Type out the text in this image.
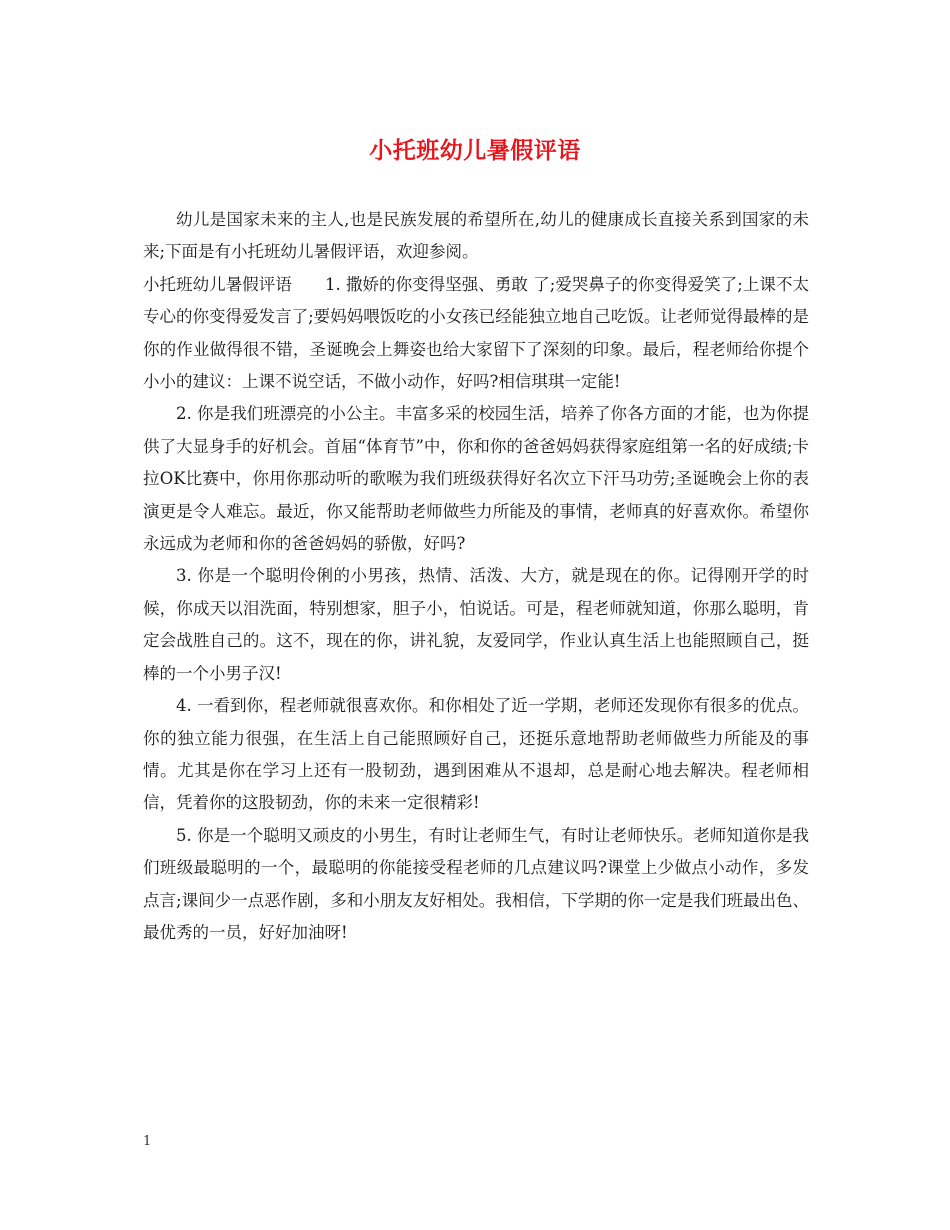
小托班幼儿暑假评语

幼儿是国家未来的主人,也是民族发展的希望所在,幼儿的健康成长直接关系到国家的未来;下面是有小托班幼儿暑假评语，欢迎参阅。

小托班幼儿暑假评语　　1. 撒娇的你变得坚强、勇敢 了;爱哭鼻子的你变得爱笑了;上课不太专心的你变得爱发言了;要妈妈喂饭吃的小女孩已经能独立地自己吃饭。让老师觉得最棒的是你的作业做得很不错，圣诞晚会上舞姿也给大家留下了深刻的印象。最后，程老师给你提个小小的建议：上课不说空话，不做小动作，好吗?相信琪琪一定能!

2. 你是我们班漂亮的小公主。丰富多采的校园生活，培养了你各方面的才能，也为你提供了大显身手的好机会。首届“体育节”中，你和你的爸爸妈妈获得家庭组第一名的好成绩;卡拉OK比赛中，你用你那动听的歌喉为我们班级获得好名次立下汗马功劳;圣诞晚会上你的表演更是令人难忘。最近，你又能帮助老师做些力所能及的事情，老师真的好喜欢你。希望你永远成为老师和你的爸爸妈妈的骄傲，好吗?

3. 你是一个聪明伶俐的小男孩，热情、活泼、大方，就是现在的你。记得刚开学的时候，你成天以泪洗面，特别想家，胆子小，怕说话。可是，程老师就知道，你那么聪明，肯定会战胜自己的。这不，现在的你，讲礼貌，友爱同学，作业认真生活上也能照顾自己，挺棒的一个小男子汉!

4. 一看到你，程老师就很喜欢你。和你相处了近一学期，老师还发现你有很多的优点。你的独立能力很强，在生活上自己能照顾好自己，还挺乐意地帮助老师做些力所能及的事情。尤其是你在学习上还有一股韧劲，遇到困难从不退却，总是耐心地去解决。程老师相信，凭着你的这股韧劲，你的未来一定很精彩!

5. 你是一个聪明又顽皮的小男生，有时让老师生气，有时让老师快乐。老师知道你是我们班级最聪明的一个，最聪明的你能接受程老师的几点建议吗?课堂上少做点小动作，多发点言;课间少一点恶作剧，多和小朋友友好相处。我相信，下学期的你一定是我们班最出色、最优秀的一员，好好加油呀!

1
